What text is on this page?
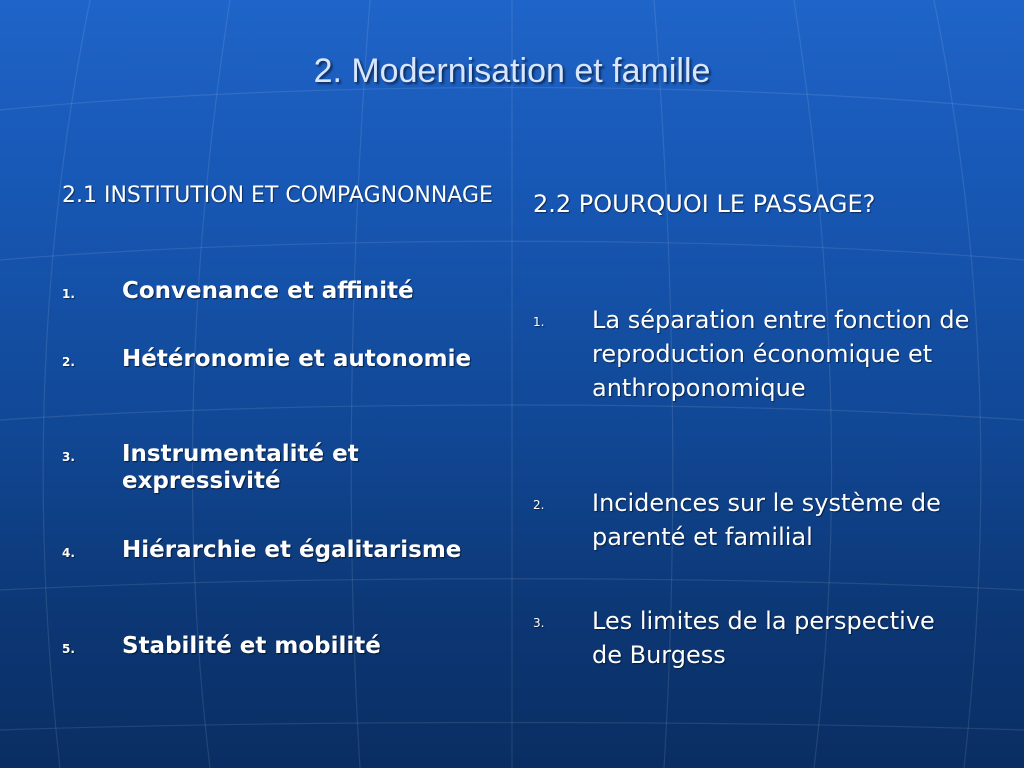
2. Modernisation et famille
2.1 INSTITUTION ET COMPAGNONNAGE
1. Convenance et affinité
2. Hétéronomie et autonomie
3. Instrumentalité et expressivité
4. Hiérarchie et égalitarisme
5. Stabilité et mobilité
2.2 POURQUOI LE PASSAGE?
1. La séparation entre fonction de reproduction économique et anthroponomique
2. Incidences sur le système de parenté et familial
3. Les limites de la perspective de Burgess
